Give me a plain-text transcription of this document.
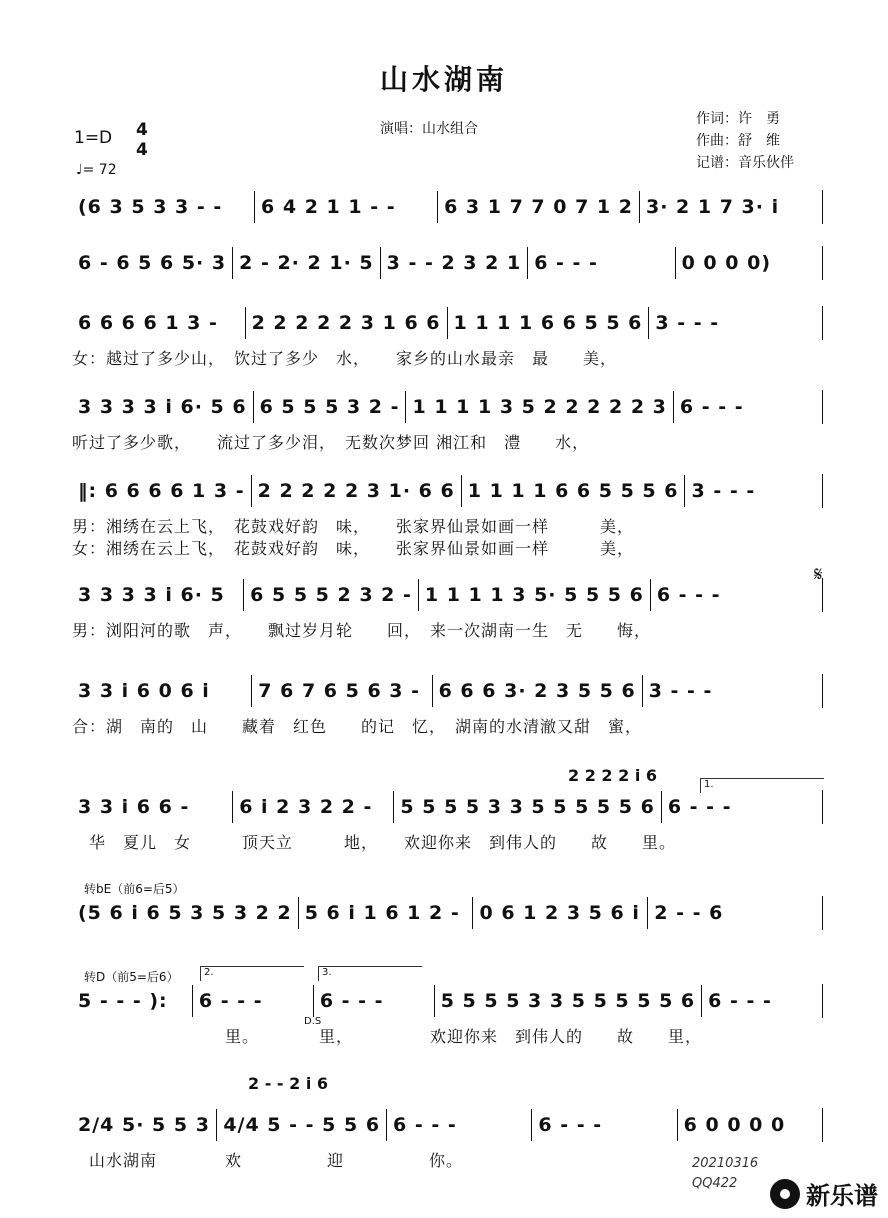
山水湖南
演唱：山水组合
作词：许　勇
作曲：舒　维
记谱：音乐伙伴
1=D 4
4
♩= 72
(6 3 5 3 3 - -	6 4 2 1 1 - -	6 3 1 7 7 0 7 1 2 3· 2 1 7 3· i
6 - 6 5 6 5· 3 2 - 2· 2 1· 5 3 - - 2 3 2 1 6 - - -	0 0 0 0)
6 6 6 6 1 3 -	2 2 2 2 2 3 1 6 6 1 1 1 1 6 6 5 5 6 3 - - -
女：越过了多少山，　饮过了多少　水，　　家乡的山水最亲　最　　美，
3 3 3 3 i 6· 5 6 6 5 5 5 3 2 - 1 1 1 1 3 5 2 2 2 2 2 3 6 - - -
听过了多少歌，　　流过了多少泪，　无数次梦回 湘江和　澧　　水，
‖: 6 6 6 6 1 3 - 2 2 2 2 2 3 1· 6 6 1 1 1 1 6 6 5 5 5 6 3 - - -
男：湘绣在云上飞，　花鼓戏好韵　味，　　张家界仙景如画一样　　　美，
女：湘绣在云上飞，　花鼓戏好韵　味，　　张家界仙景如画一样　　　美，
3 3 3 3 i 6· 5	6 5 5 5 2 3 2 - 1 1 1 1 3 5· 5 5 5 6 6 - - -
男：浏阳河的歌　声，　　飘过岁月轮　　回，　来一次湖南一生　无　　悔，
3 3 i 6 0 6 i	7 6 7 6 5 6 3 - 6 6 6 3· 2 3 5 5 6 3 - - -
合：湖　南的　山　　藏着　红色　　的记　忆，　湖南的水清澈又甜　蜜，
3 3 i 6 6 -	6 i 2 3 2 2 -	5 5 5 5 3 3 5 5 5 5 5 6 6 - - -
　华　夏儿　女　　　顶天立　　　地，　　欢迎你来　到伟人的　　故　　里。
(5 6 i 6 5 3 5 3 2 2 5 6 i 1 6 1 2 -	0 6 1 2 3 5 6 i 2 - - 6
5 - - - ):	6 - - -	6 - - -	5 5 5 5 3 3 5 5 5 5 5 6 6 - - -
　　　　　　　　　里。　　　　里，　　　　　欢迎你来　到伟人的　　故　　里，
2/4 5· 5 5 3 4/4 5 - - 5 5 6 6 - - -	6 - - -	6 0 0 0 0
　山水湖南　　　　欢　　　　　迎　　　　　你。
转bE（前6=后5）
转D（前5=后6）
D.S
𝄋
1.
2.	3.
2 2 2 2 i 6
2 - - 2 i 6
20210316
QQ422	新乐谱
